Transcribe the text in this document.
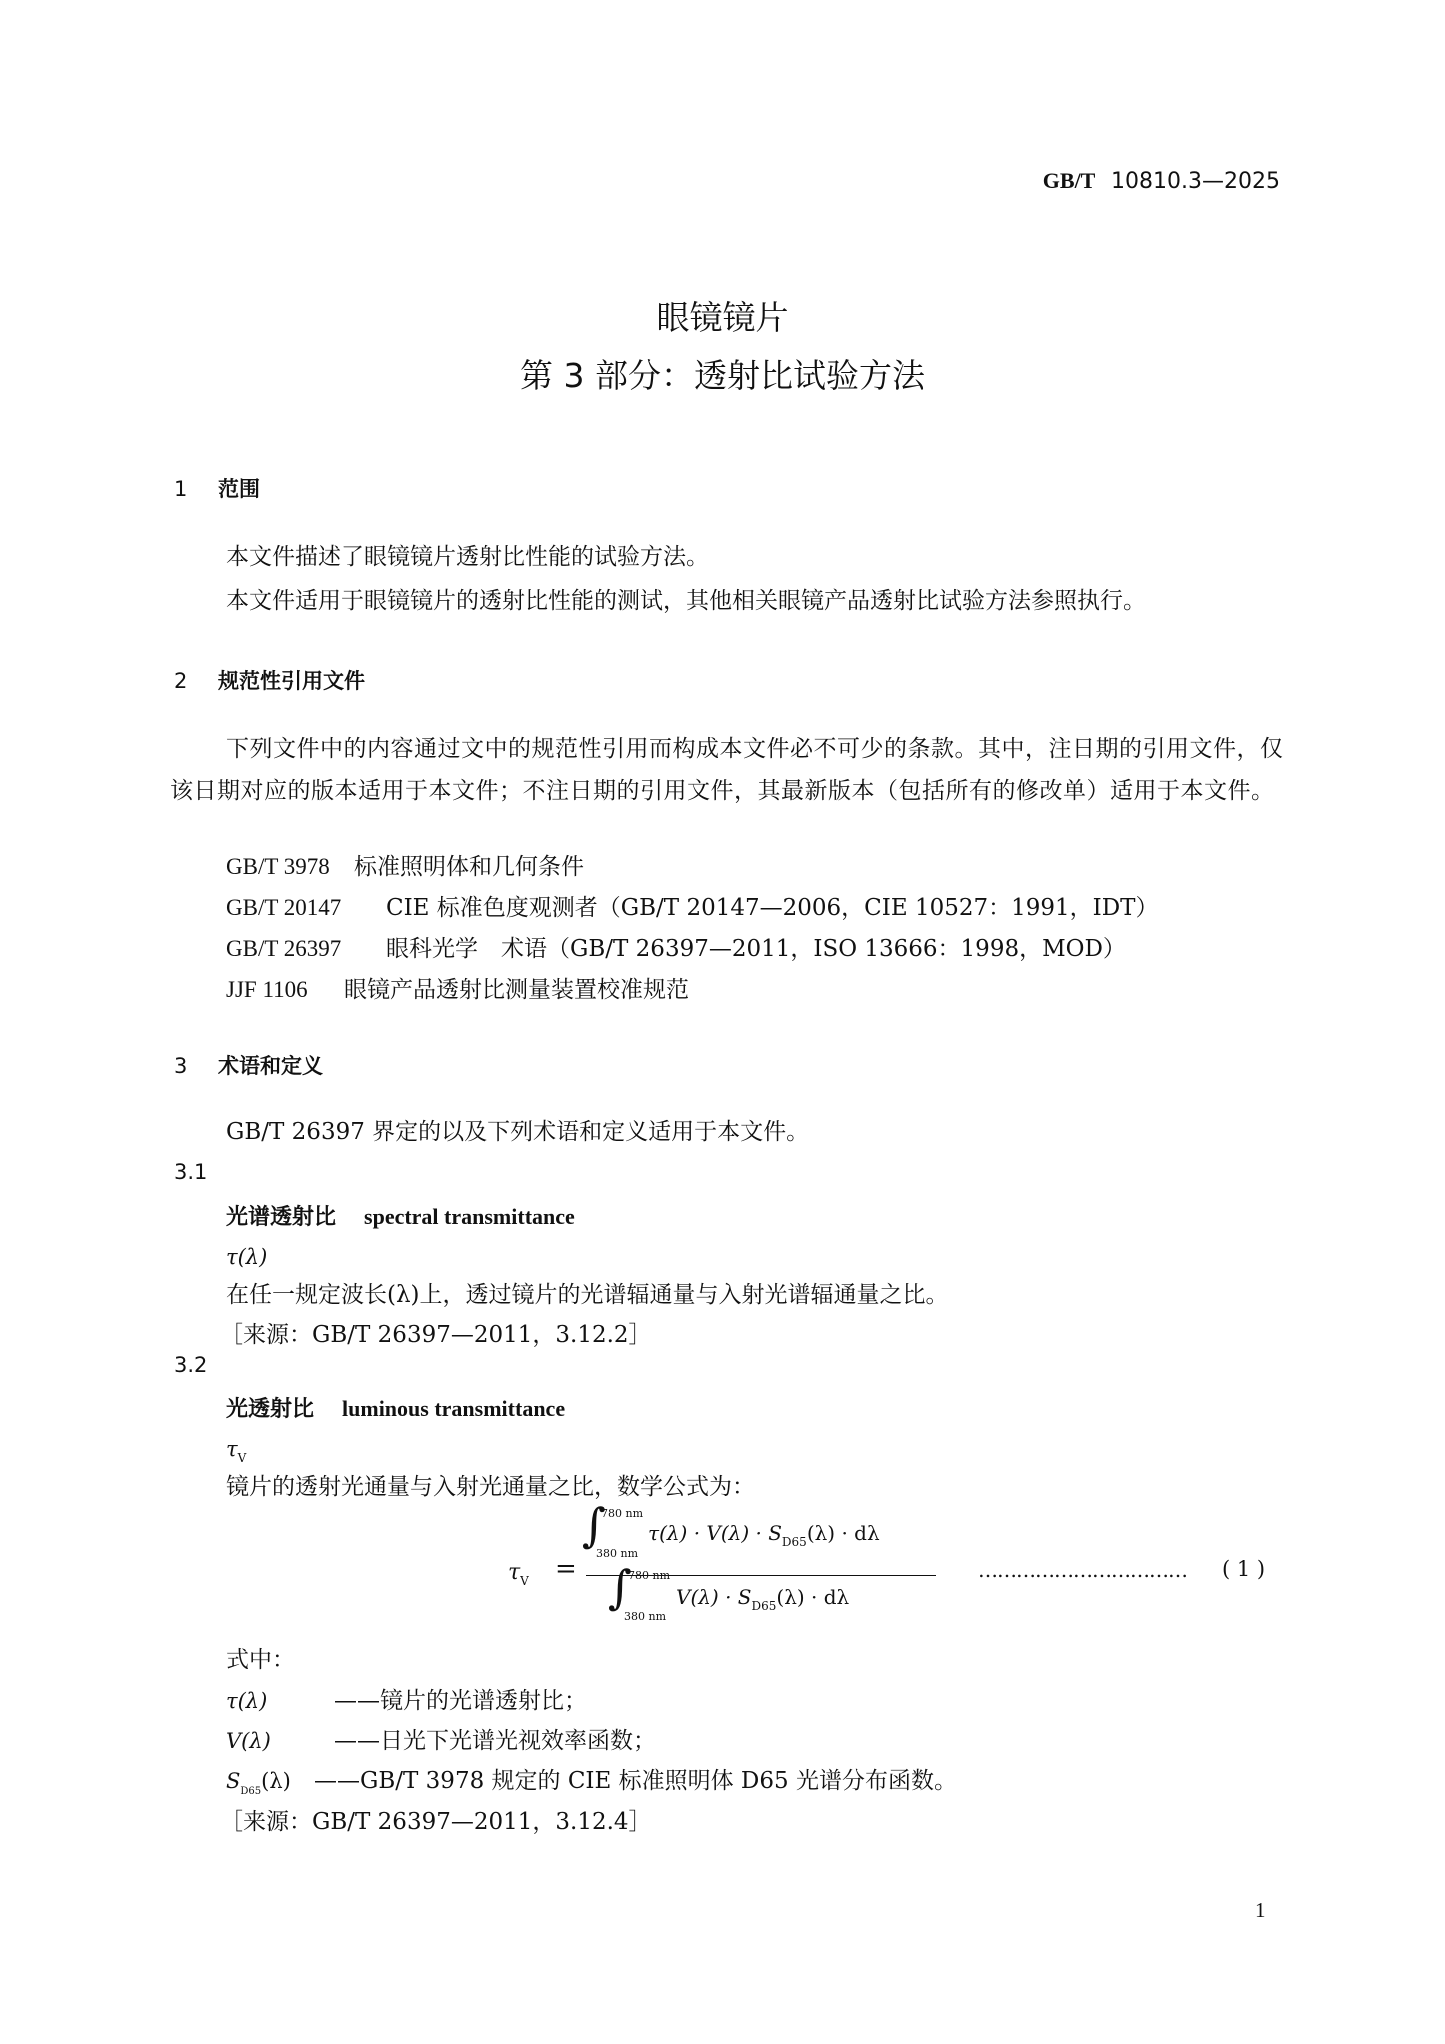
GB/T 10810.3—2025
眼镜镜片
第 3 部分：透射比试验方法
1 范围
本文件描述了眼镜镜片透射比性能的试验方法。
本文件适用于眼镜镜片的透射比性能的测试，其他相关眼镜产品透射比试验方法参照执行。
2 规范性引用文件
下列文件中的内容通过文中的规范性引用而构成本文件必不可少的条款。其中，注日期的引用文件，仅该日期对应的版本适用于本文件；不注日期的引用文件，其最新版本（包括所有的修改单）适用于本文件。
GB/T 3978 标准照明体和几何条件
GB/T 20147 CIE 标准色度观测者（GB/T 20147—2006，CIE 10527：1991，IDT）
GB/T 26397 眼科光学　术语（GB/T 26397—2011，ISO 13666：1998，MOD）
JJF 1106 眼镜产品透射比测量装置校准规范
3 术语和定义
GB/T 26397 界定的以及下列术语和定义适用于本文件。
3.1
光谱透射比 spectral transmittance
τ(λ)
在任一规定波长(λ)上，透过镜片的光谱辐通量与入射光谱辐通量之比。
［来源：GB/T 26397—2011，3.12.2］
3.2
光透射比 luminous transmittance
$\tau_V$
镜片的透射光通量与入射光通量之比，数学公式为：
$\tau_V$ =
∫
780 nm
380 nm
$\tau(\lambda) \cdot V(\lambda) \cdot S_{D65}(\lambda) \cdot d\lambda$
∫
780 nm
380 nm
$V(\lambda) \cdot S_{D65}(\lambda) \cdot d\lambda$
…………………………… ( 1 )
式中：
τ(λ)	——镜片的光谱透射比；
V(λ)	——日光下光谱光视效率函数；
$S_{D65}(\lambda)$ ——GB/T 3978 规定的 CIE 标准照明体 D65 光谱分布函数。
［来源：GB/T 26397—2011，3.12.4］
1
